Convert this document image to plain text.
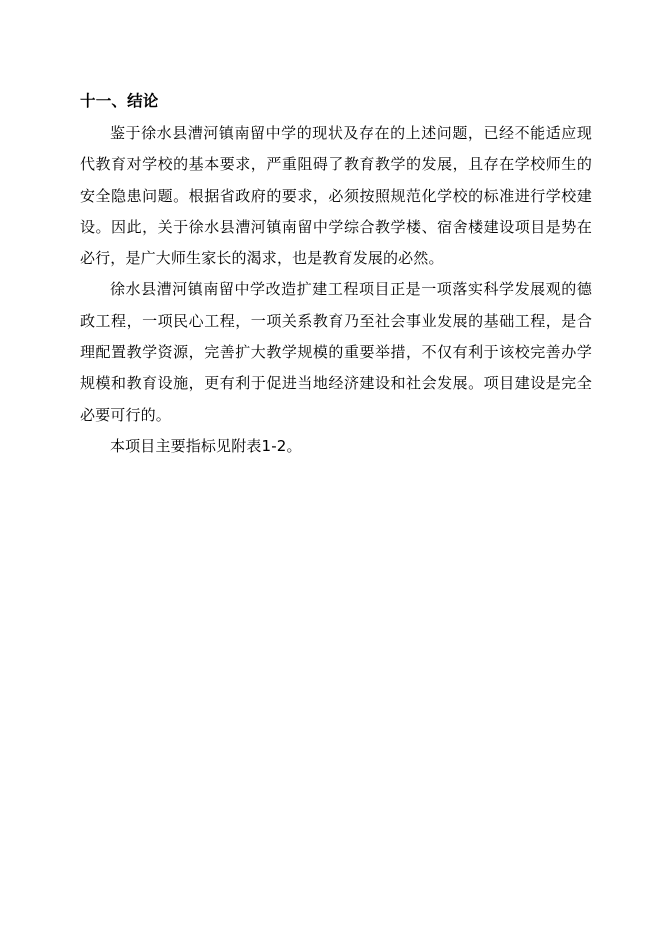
十一、结论

鉴于徐水县漕河镇南留中学的现状及存在的上述问题，已经不能适应现代教育对学校的基本要求，严重阻碍了教育教学的发展，且存在学校师生的安全隐患问题。根据省政府的要求，必须按照规范化学校的标准进行学校建设。因此，关于徐水县漕河镇南留中学综合教学楼、宿舍楼建设项目是势在必行，是广大师生家长的渴求，也是教育发展的必然。

徐水县漕河镇南留中学改造扩建工程项目正是一项落实科学发展观的德政工程，一项民心工程，一项关系教育乃至社会事业发展的基础工程，是合理配置教学资源，完善扩大教学规模的重要举措，不仅有利于该校完善办学规模和教育设施，更有利于促进当地经济建设和社会发展。项目建设是完全必要可行的。

本项目主要指标见附表1-2。
